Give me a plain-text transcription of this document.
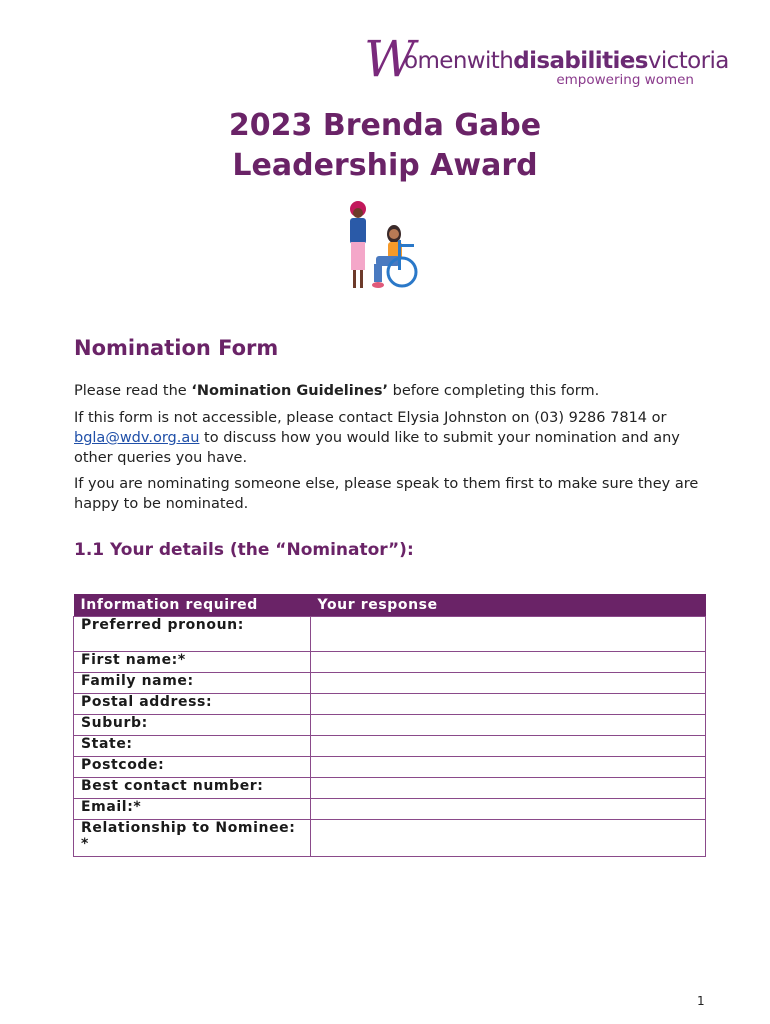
W
omenwithdisabilitiesvictoria
empowering women
2023 Brenda Gabe
Leadership Award
Nomination Form

Please read the ‘Nomination Guidelines’ before completing this form.

If this form is not accessible, please contact Elysia Johnston on (03) 9286 7814 or bgla@wdv.org.au to discuss how you would like to submit your nomination and any other queries you have.

If you are nominating someone else, please speak to them first to make sure they are happy to be nominated.

1.1 Your details (the “Nominator”):
Information required	Your response
Preferred pronoun:	
First name:*	
Family name:	
Postal address:	
Suburb:	
State:	
Postcode:	
Best contact number:	
Email:*	
Relationship to Nominee: *	
1
